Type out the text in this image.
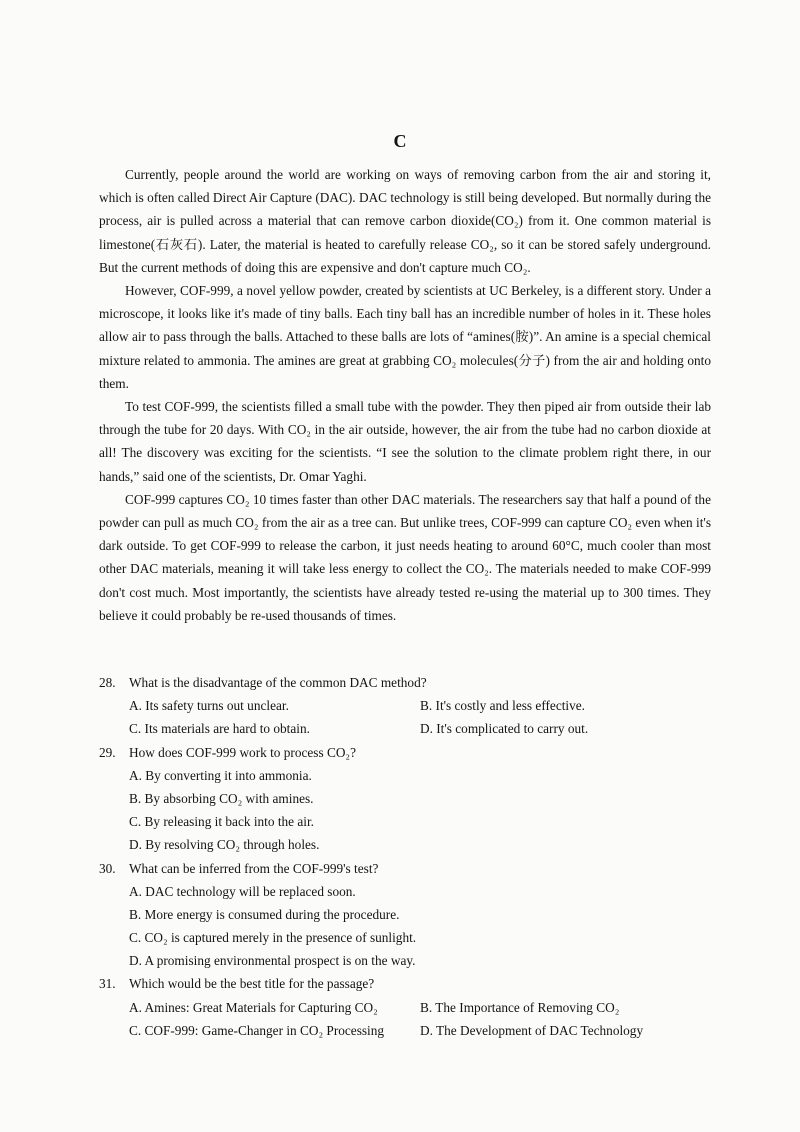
C

Currently, people around the world are working on ways of removing carbon from the air and storing it, which is often called Direct Air Capture (DAC). DAC technology is still being developed. But normally during the process, air is pulled across a material that can remove carbon dioxide(CO₂) from it. One common material is limestone(石灰石). Later, the material is heated to carefully release CO₂, so it can be stored safely underground. But the current methods of doing this are expensive and don't capture much CO₂.

However, COF-999, a novel yellow powder, created by scientists at UC Berkeley, is a different story. Under a microscope, it looks like it's made of tiny balls. Each tiny ball has an incredible number of holes in it. These holes allow air to pass through the balls. Attached to these balls are lots of “amines(胺)”. An amine is a special chemical mixture related to ammonia. The amines are great at grabbing CO₂ molecules(分子) from the air and holding onto them.

To test COF-999, the scientists filled a small tube with the powder. They then piped air from outside their lab through the tube for 20 days. With CO₂ in the air outside, however, the air from the tube had no carbon dioxide at all! The discovery was exciting for the scientists. “I see the solution to the climate problem right there, in our hands,” said one of the scientists, Dr. Omar Yaghi.

COF-999 captures CO₂ 10 times faster than other DAC materials. The researchers say that half a pound of the powder can pull as much CO₂ from the air as a tree can. But unlike trees, COF-999 can capture CO₂ even when it's dark outside. To get COF-999 to release the carbon, it just needs heating to around 60°C, much cooler than most other DAC materials, meaning it will take less energy to collect the CO₂. The materials needed to make COF-999 don't cost much. Most importantly, the scientists have already tested re-using the material up to 300 times. They believe it could probably be re-used thousands of times.

28.	What is the disadvantage of the common DAC method?
A. Its safety turns out unclear.	B. It's costly and less effective.
C. Its materials are hard to obtain.	D. It's complicated to carry out.
29.	How does COF-999 work to process CO₂?
A. By converting it into ammonia.
B. By absorbing CO₂ with amines.
C. By releasing it back into the air.
D. By resolving CO₂ through holes.
30.	What can be inferred from the COF-999's test?
A. DAC technology will be replaced soon.
B. More energy is consumed during the procedure.
C. CO₂ is captured merely in the presence of sunlight.
D. A promising environmental prospect is on the way.
31.	Which would be the best title for the passage?
A. Amines: Great Materials for Capturing CO₂	B. The Importance of Removing CO₂
C. COF-999: Game-Changer in CO₂ Processing	D. The Development of DAC Technology
